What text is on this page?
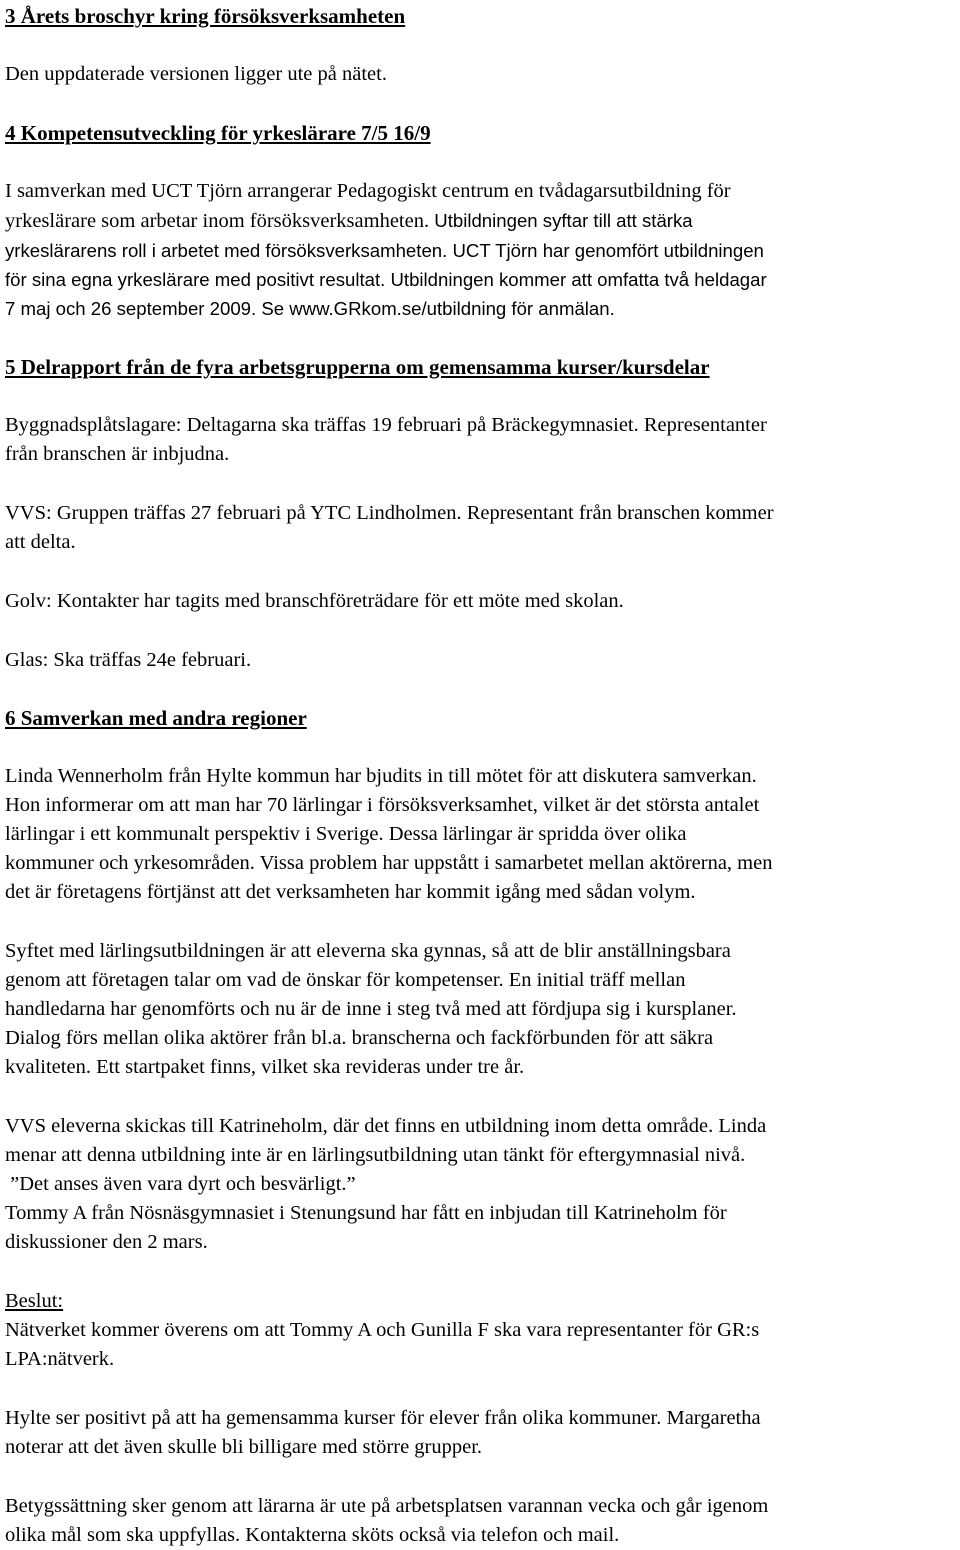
3 Årets broschyr kring försöksverksamheten

Den uppdaterade versionen ligger ute på nätet.

4 Kompetensutveckling för yrkeslärare 7/5 16/9

I samverkan med UCT Tjörn arrangerar Pedagogiskt centrum en tvådagarsutbildning för
yrkeslärare som arbetar inom försöksverksamheten. Utbildningen syftar till att stärka
yrkeslärarens roll i arbetet med försöksverksamheten. UCT Tjörn har genomfört utbildningen
för sina egna yrkeslärare med positivt resultat. Utbildningen kommer att omfatta två heldagar
7 maj och 26 september 2009. Se www.GRkom.se/utbildning för anmälan.

5 Delrapport från de fyra arbetsgrupperna om gemensamma kurser/kursdelar

Byggnadsplåtslagare: Deltagarna ska träffas 19 februari på Bräckegymnasiet. Representanter
från branschen är inbjudna.

VVS: Gruppen träffas 27 februari på YTC Lindholmen. Representant från branschen kommer
att delta.

Golv: Kontakter har tagits med branschföreträdare för ett möte med skolan.

Glas: Ska träffas 24e februari.

6 Samverkan med andra regioner

Linda Wennerholm från Hylte kommun har bjudits in till mötet för att diskutera samverkan.
Hon informerar om att man har 70 lärlingar i försöksverksamhet, vilket är det största antalet
lärlingar i ett kommunalt perspektiv i Sverige. Dessa lärlingar är spridda över olika
kommuner och yrkesområden. Vissa problem har uppstått i samarbetet mellan aktörerna, men
det är företagens förtjänst att det verksamheten har kommit igång med sådan volym.

Syftet med lärlingsutbildningen är att eleverna ska gynnas, så att de blir anställningsbara
genom att företagen talar om vad de önskar för kompetenser. En initial träff mellan
handledarna har genomförts och nu är de inne i steg två med att fördjupa sig i kursplaner.
Dialog förs mellan olika aktörer från bl.a. branscherna och fackförbunden för att säkra
kvaliteten. Ett startpaket finns, vilket ska revideras under tre år.

VVS eleverna skickas till Katrineholm, där det finns en utbildning inom detta område. Linda
menar att denna utbildning inte är en lärlingsutbildning utan tänkt för eftergymnasial nivå.
”Det anses även vara dyrt och besvärligt.”
Tommy A från Nösnäsgymnasiet i Stenungsund har fått en inbjudan till Katrineholm för
diskussioner den 2 mars.

Beslut:
Nätverket kommer överens om att Tommy A och Gunilla F ska vara representanter för GR:s
LPA:nätverk.

Hylte ser positivt på att ha gemensamma kurser för elever från olika kommuner. Margaretha
noterar att det även skulle bli billigare med större grupper.

Betygssättning sker genom att lärarna är ute på arbetsplatsen varannan vecka och går igenom
olika mål som ska uppfyllas. Kontakterna sköts också via telefon och mail.
